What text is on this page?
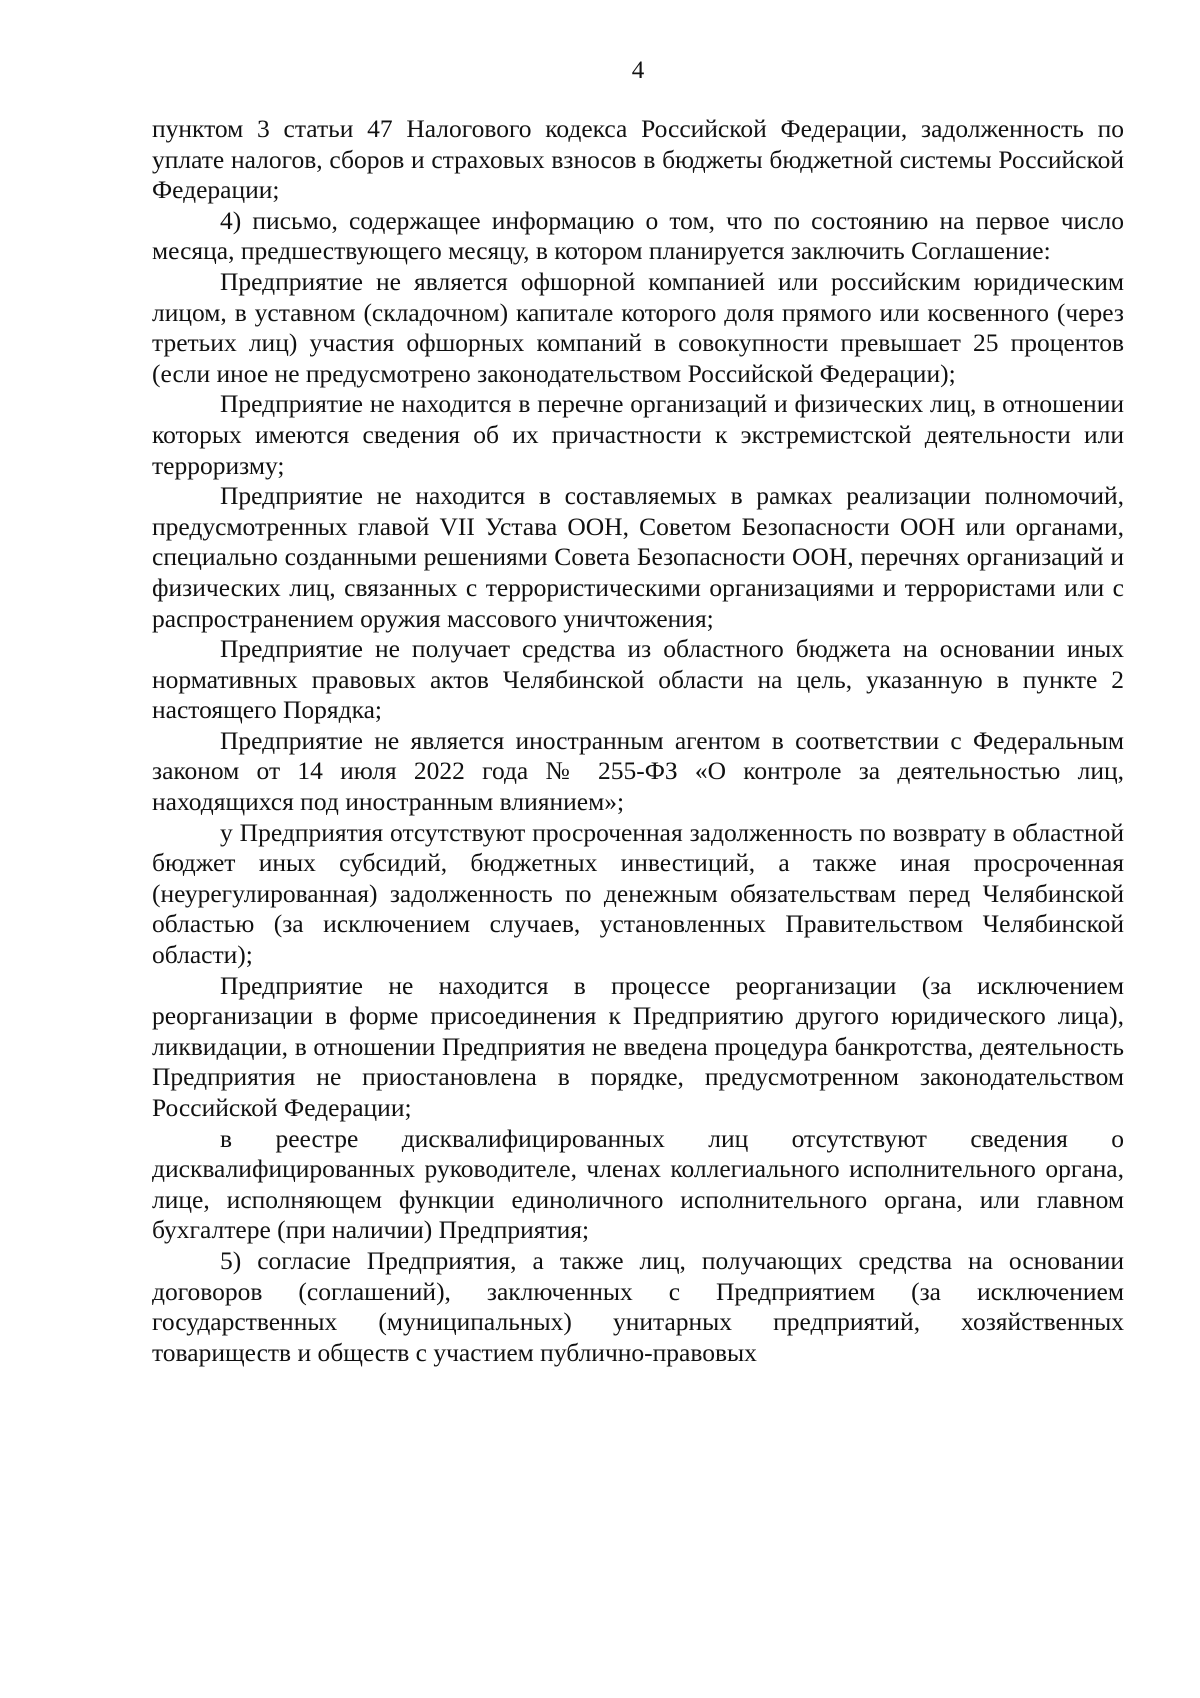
4

пунктом 3 статьи 47 Налогового кодекса Российской Федерации, задолженность по уплате налогов, сборов и страховых взносов в бюджеты бюджетной системы Российской Федерации;

4) письмо, содержащее информацию о том, что по состоянию на первое число месяца, предшествующего месяцу, в котором планируется заключить Соглашение:

Предприятие не является офшорной компанией или российским юридическим лицом, в уставном (складочном) капитале которого доля прямого или косвенного (через третьих лиц) участия офшорных компаний в совокупности превышает 25 процентов (если иное не предусмотрено законодательством Российской Федерации);

Предприятие не находится в перечне организаций и физических лиц, в отношении которых имеются сведения об их причастности к экстремистской деятельности или терроризму;

Предприятие не находится в составляемых в рамках реализации полномочий, предусмотренных главой VII Устава ООН, Советом Безопасности ООН или органами, специально созданными решениями Совета Безопасности ООН, перечнях организаций и физических лиц, связанных с террористическими организациями и террористами или с распространением оружия массового уничтожения;

Предприятие не получает средства из областного бюджета на основании иных нормативных правовых актов Челябинской области на цель, указанную в пункте 2 настоящего Порядка;

Предприятие не является иностранным агентом в соответствии с Федеральным законом от 14 июля 2022 года № 255-ФЗ «О контроле за деятельностью лиц, находящихся под иностранным влиянием»;

у Предприятия отсутствуют просроченная задолженность по возврату в областной бюджет иных субсидий, бюджетных инвестиций, а также иная просроченная (неурегулированная) задолженность по денежным обязательствам перед Челябинской областью (за исключением случаев, установленных Правительством Челябинской области);

Предприятие не находится в процессе реорганизации (за исключением реорганизации в форме присоединения к Предприятию другого юридического лица), ликвидации, в отношении Предприятия не введена процедура банкротства, деятельность Предприятия не приостановлена в порядке, предусмотренном законодательством Российской Федерации;

в реестре дисквалифицированных лиц отсутствуют сведения о дисквалифицированных руководителе, членах коллегиального исполнительного органа, лице, исполняющем функции единоличного исполнительного органа, или главном бухгалтере (при наличии) Предприятия;

5) согласие Предприятия, а также лиц, получающих средства на основании договоров (соглашений), заключенных с Предприятием (за исключением государственных (муниципальных) унитарных предприятий, хозяйственных товариществ и обществ с участием публично-правовых
